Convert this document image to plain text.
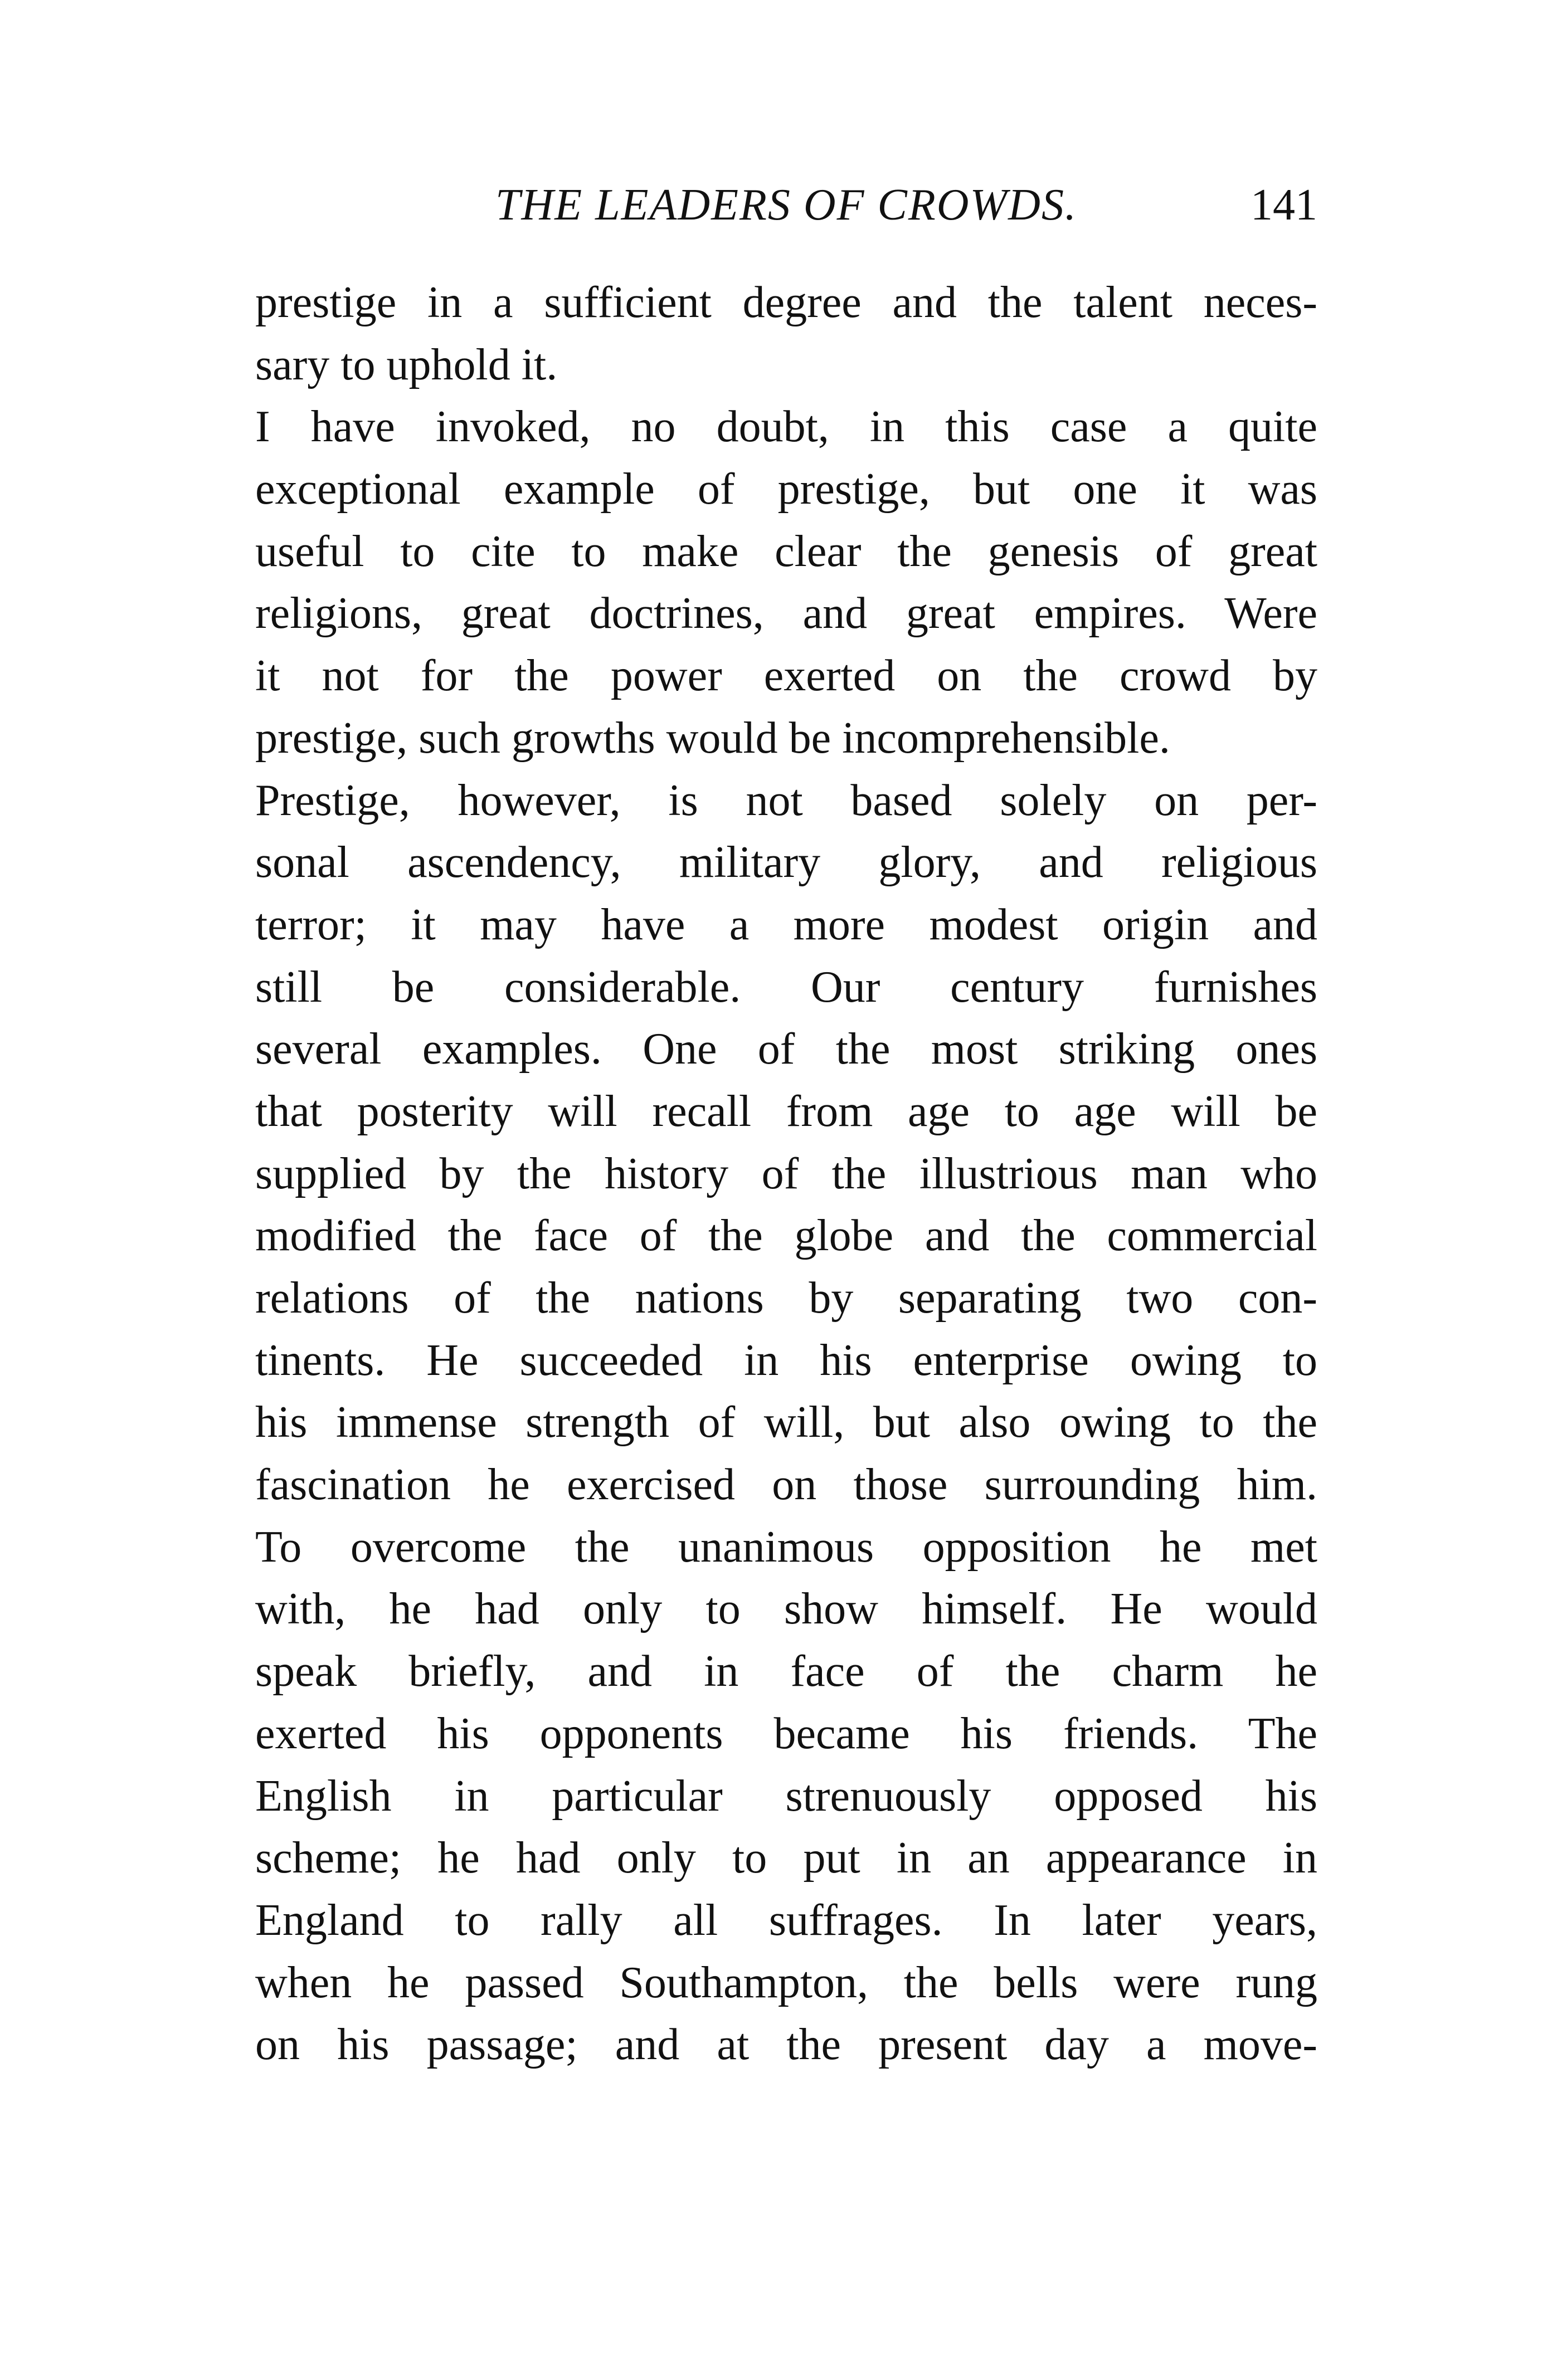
THE LEADERS OF CROWDS.	141
prestige in a sufficient degree and the talent neces-
sary to uphold it.
I have invoked, no doubt, in this case a quite
exceptional example of prestige, but one it was
useful to cite to make clear the genesis of great
religions, great doctrines, and great empires. Were
it not for the power exerted on the crowd by
prestige, such growths would be incomprehensible.
Prestige, however, is not based solely on per-
sonal ascendency, military glory, and religious
terror; it may have a more modest origin and
still be considerable. Our century furnishes
several examples. One of the most striking ones
that posterity will recall from age to age will be
supplied by the history of the illustrious man who
modified the face of the globe and the commercial
relations of the nations by separating two con-
tinents. He succeeded in his enterprise owing to
his immense strength of will, but also owing to the
fascination he exercised on those surrounding him.
To overcome the unanimous opposition he met
with, he had only to show himself. He would
speak briefly, and in face of the charm he
exerted his opponents became his friends. The
English in particular strenuously opposed his
scheme; he had only to put in an appearance in
England to rally all suffrages. In later years,
when he passed Southampton, the bells were rung
on his passage; and at the present day a move-
